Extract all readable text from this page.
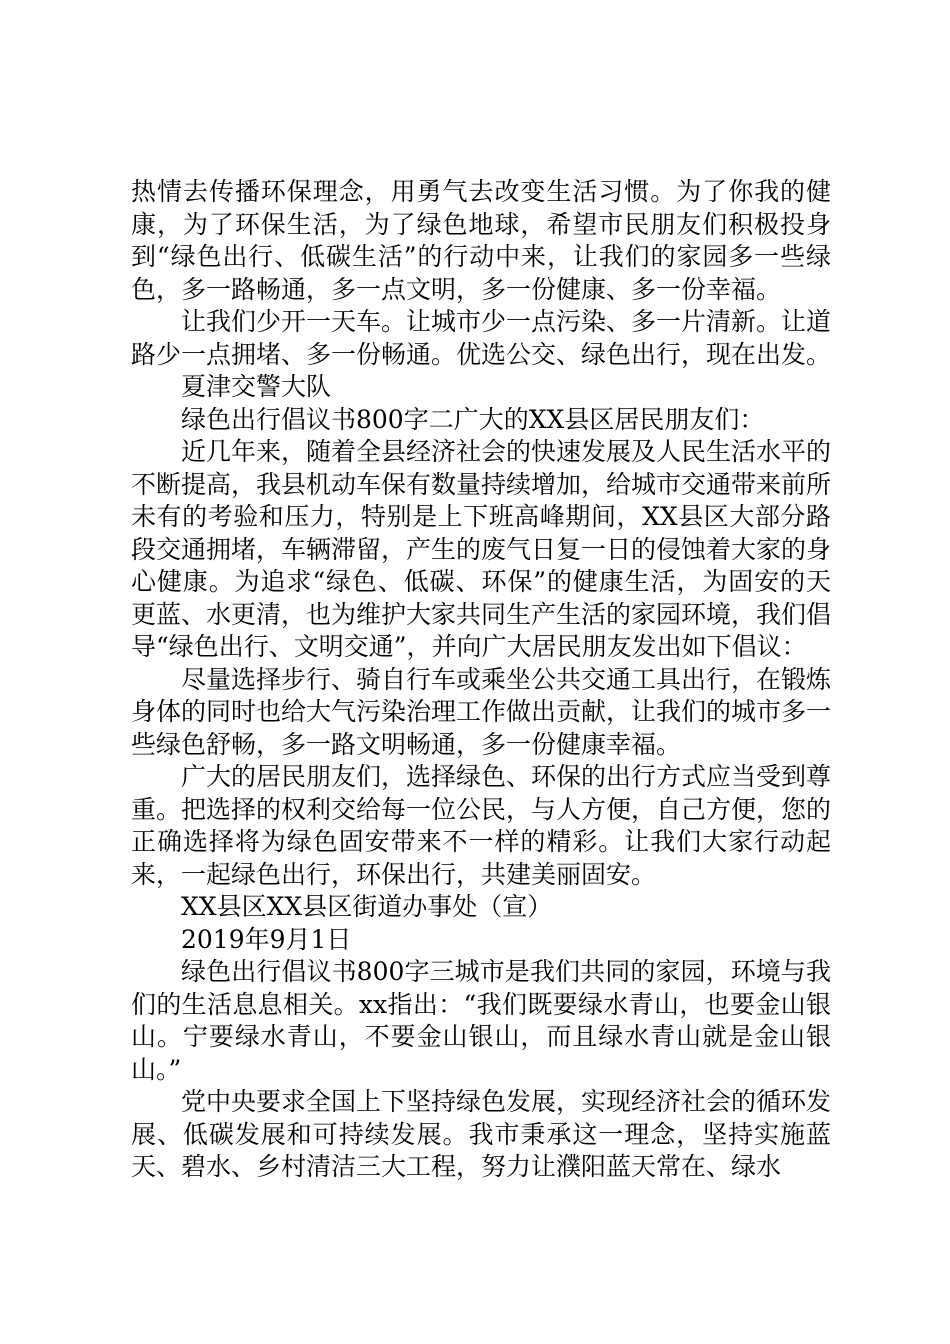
热情去传播环保理念，用勇气去改变生活习惯。为了你我的健康，为了环保生活，为了绿色地球，希望市民朋友们积极投身到“绿色出行、低碳生活”的行动中来，让我们的家园多一些绿色，多一路畅通，多一点文明，多一份健康、多一份幸福。

让我们少开一天车。让城市少一点污染、多一片清新。让道路少一点拥堵、多一份畅通。优选公交、绿色出行，现在出发。

夏津交警大队

绿色出行倡议书800字二广大的XX县区居民朋友们：

近几年来，随着全县经济社会的快速发展及人民生活水平的不断提高，我县机动车保有数量持续增加，给城市交通带来前所未有的考验和压力，特别是上下班高峰期间，XX县区大部分路段交通拥堵，车辆滞留，产生的废气日复一日的侵蚀着大家的身心健康。为追求“绿色、低碳、环保”的健康生活，为固安的天更蓝、水更清，也为维护大家共同生产生活的家园环境，我们倡导“绿色出行、文明交通”，并向广大居民朋友发出如下倡议：

尽量选择步行、骑自行车或乘坐公共交通工具出行，在锻炼身体的同时也给大气污染治理工作做出贡献，让我们的城市多一些绿色舒畅，多一路文明畅通，多一份健康幸福。

广大的居民朋友们，选择绿色、环保的出行方式应当受到尊重。把选择的权利交给每一位公民，与人方便，自己方便，您的正确选择将为绿色固安带来不一样的精彩。让我们大家行动起来，一起绿色出行，环保出行，共建美丽固安。

XX县区XX县区街道办事处（宣）

2019年9月1日

绿色出行倡议书800字三城市是我们共同的家园，环境与我们的生活息息相关。xx指出：“我们既要绿水青山，也要金山银山。宁要绿水青山，不要金山银山，而且绿水青山就是金山银山。”

党中央要求全国上下坚持绿色发展，实现经济社会的循环发展、低碳发展和可持续发展。我市秉承这一理念，坚持实施蓝天、碧水、乡村清洁三大工程，努力让濮阳蓝天常在、绿水
